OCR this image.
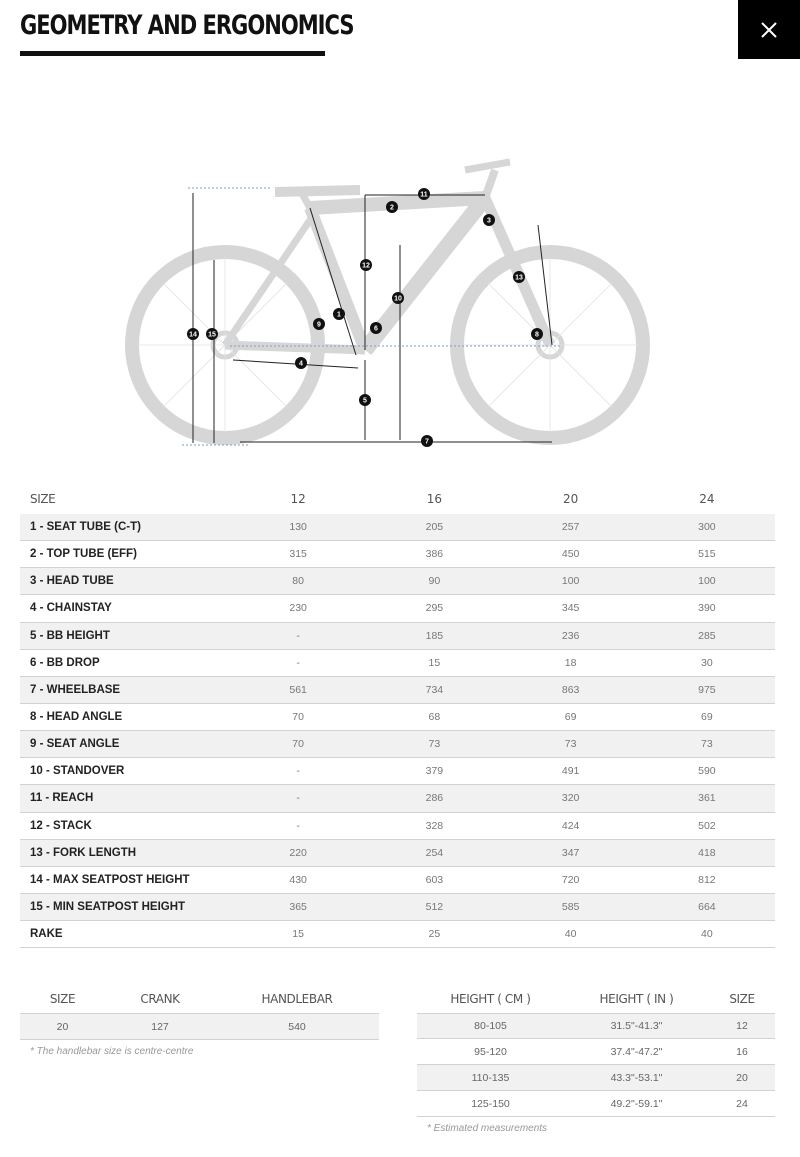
GEOMETRY AND ERGONOMICS
1
2
3
4
5
6
7
8
9
10
11
12
13
14 15
SIZE	12	16	20	24
1 - SEAT TUBE (C-T)	130	205	257	300
2 - TOP TUBE (EFF)	315	386	450	515
3 - HEAD TUBE	80	90	100	100
4 - CHAINSTAY	230	295	345	390
5 - BB HEIGHT	-	185	236	285
6 - BB DROP	-	15	18	30
7 - WHEELBASE	561	734	863	975
8 - HEAD ANGLE	70	68	69	69
9 - SEAT ANGLE	70	73	73	73
10 - STANDOVER	-	379	491	590
11 - REACH	-	286	320	361
12 - STACK	-	328	424	502
13 - FORK LENGTH	220	254	347	418
14 - MAX SEATPOST HEIGHT	430	603	720	812
15 - MIN SEATPOST HEIGHT	365	512	585	664
RAKE	15	25	40	40
SIZE	CRANK	HANDLEBAR
20	127	540
* The handlebar size is centre-centre
HEIGHT ( CM )	HEIGHT ( IN )	SIZE
80-105	31.5"-41.3"	12
95-120	37.4"-47.2"	16
110-135	43.3"-53.1"	20
125-150	49.2"-59.1"	24
* Estimated measurements
